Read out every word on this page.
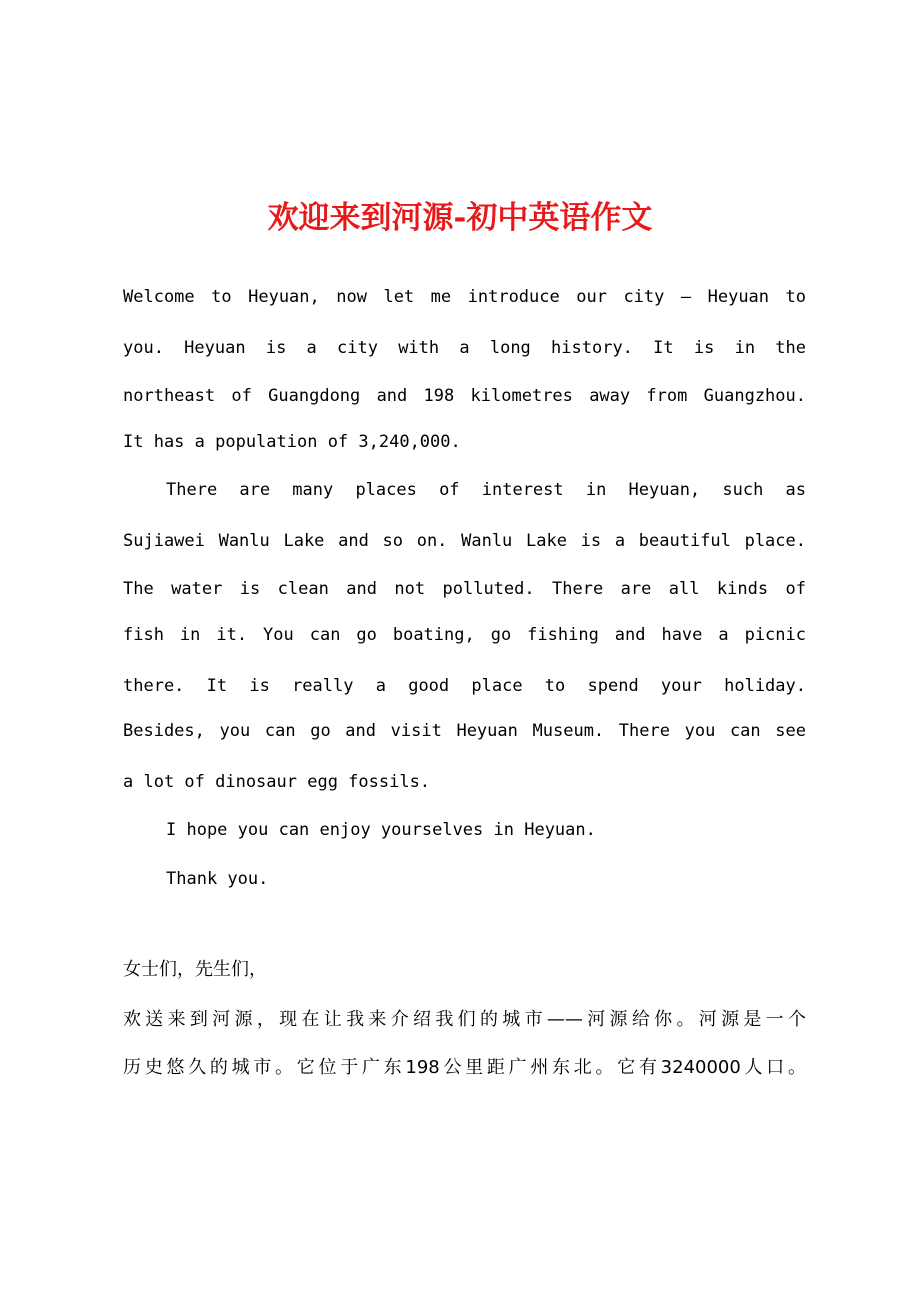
欢迎来到河源-初中英语作文
Welcome to Heyuan, now let me introduce our city — Heyuan to
you. Heyuan is a city with a long history. It is in the
northeast of Guangdong and 198 kilometres away from Guangzhou.
It has a population of 3,240,000.
There are many places of interest in Heyuan, such as
Sujiawei Wanlu Lake and so on. Wanlu Lake is a beautiful place.
The water is clean and not polluted. There are all kinds of
fish in it. You can go boating, go fishing and have a picnic
there. It is really a good place to spend your holiday.
Besides, you can go and visit Heyuan Museum. There you can see
a lot of dinosaur egg fossils.
I hope you can enjoy yourselves in Heyuan.
Thank you.
女士们，先生们，
欢送来到河源，现在让我来介绍我们的城市——河源给你。河源是一个
历史悠久的城市。它位于广东198公里距广州东北。它有3240000人口。
